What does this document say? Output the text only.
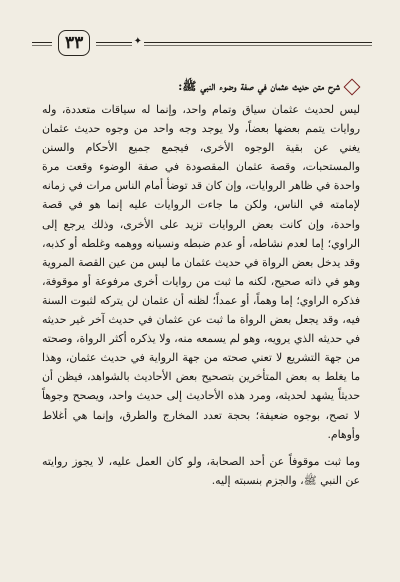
✦
٣٣
شرح متن حديث عثمان في صفة وضوء النبي ﷺ:

ليس لحديث عثمان سياق وتمام واحد، وإنما له سياقات متعددة، وله روايات يتمم بعضها بعضاً، ولا يوجد وجه واحد من وجوه حديث عثمان يغني عن بقية الوجوه الأخرى، فيجمع جميع الأحكام والسنن والمستحبات، وقصة عثمان المقصودة في صفة الوضوء وقعت مرة واحدة في ظاهر الروايات، وإن كان قد توضأ أمام الناس مرات في زمانه لإمامته في الناس، ولكن ما جاءت الروايات عليه إنما هو في قصة واحدة، وإن كانت بعض الروايات تزيد على الأخرى، وذلك يرجع إلى الراوي؛ إما لعدم نشاطه، أو عدم ضبطه ونسيانه ووهمه وغلطه أو كذبه، وقد يدخل بعض الرواة في حديث عثمان ما ليس من عين القصة المروية وهو في ذاته صحيح، لكنه ما ثبت من روايات أخرى مرفوعة أو موقوفة، فذكره الراوي؛ إما وهماً، أو عمداً؛ لظنه أن عثمان لن يتركه لثبوت السنة فيه، وقد يجعل بعض الرواة ما ثبت عن عثمان في حديث آخر غير حديثه في حديثه الذي يرويه، وهو لم يسمعه منه، ولا يذكره أكثر الرواة، وصحته من جهة التشريع لا تعني صحته من جهة الرواية في حديث عثمان، وهذا ما يغلط به بعض المتأخرين بتصحيح بعض الأحاديث بالشواهد، فيظن أن حديثاً يشهد لحديثه، ومرد هذه الأحاديث إلى حديث واحد، ويصحح وجوهاً لا تصح، بوجوه ضعيفة؛ بحجة تعدد المخارج والطرق، وإنما هي أغلاط وأوهام.

وما ثبت موقوفاً عن أحد الصحابة، ولو كان العمل عليه، لا يجوز روايته عن النبي ﷺ، والجزم بنسبته إليه.
